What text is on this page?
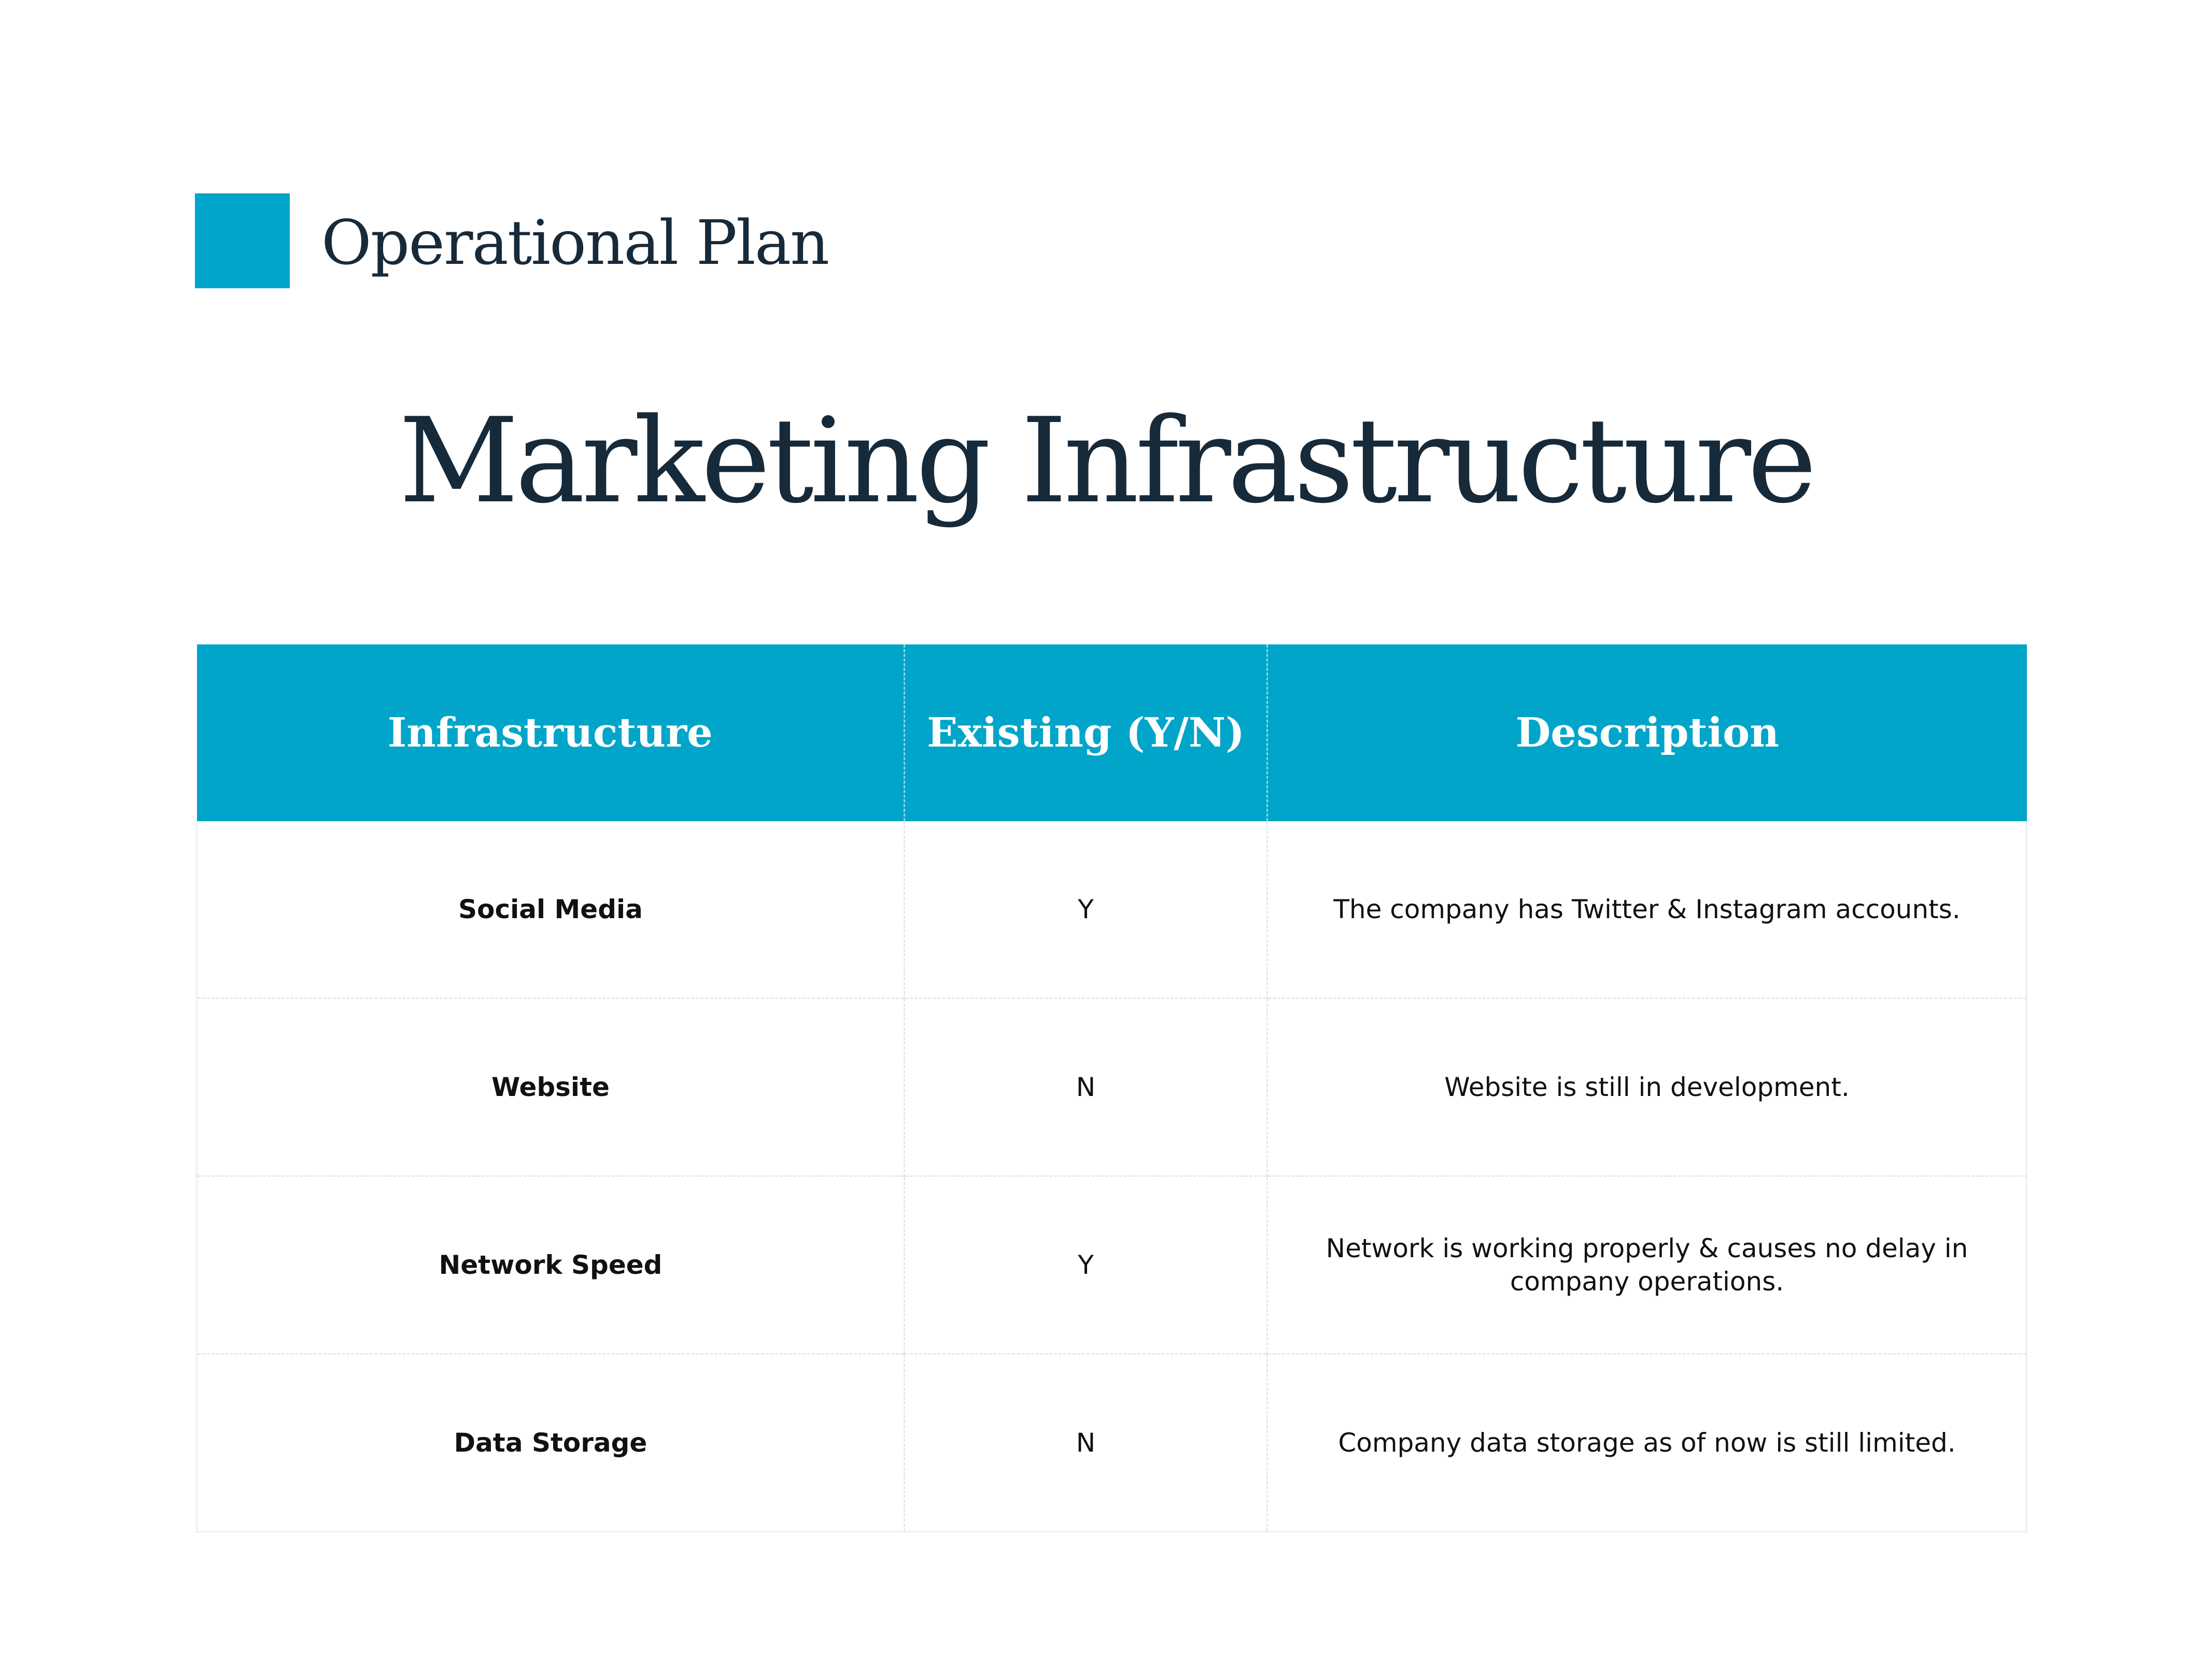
Operational Plan
Marketing Infrastructure
Infrastructure	Existing (Y/N)	Description
Social Media	Y	The company has Twitter & Instagram accounts.
Website	N	Website is still in development.
Network Speed	Y	Network is working properly & causes no delay in company operations.
Data Storage	N	Company data storage as of now is still limited.
